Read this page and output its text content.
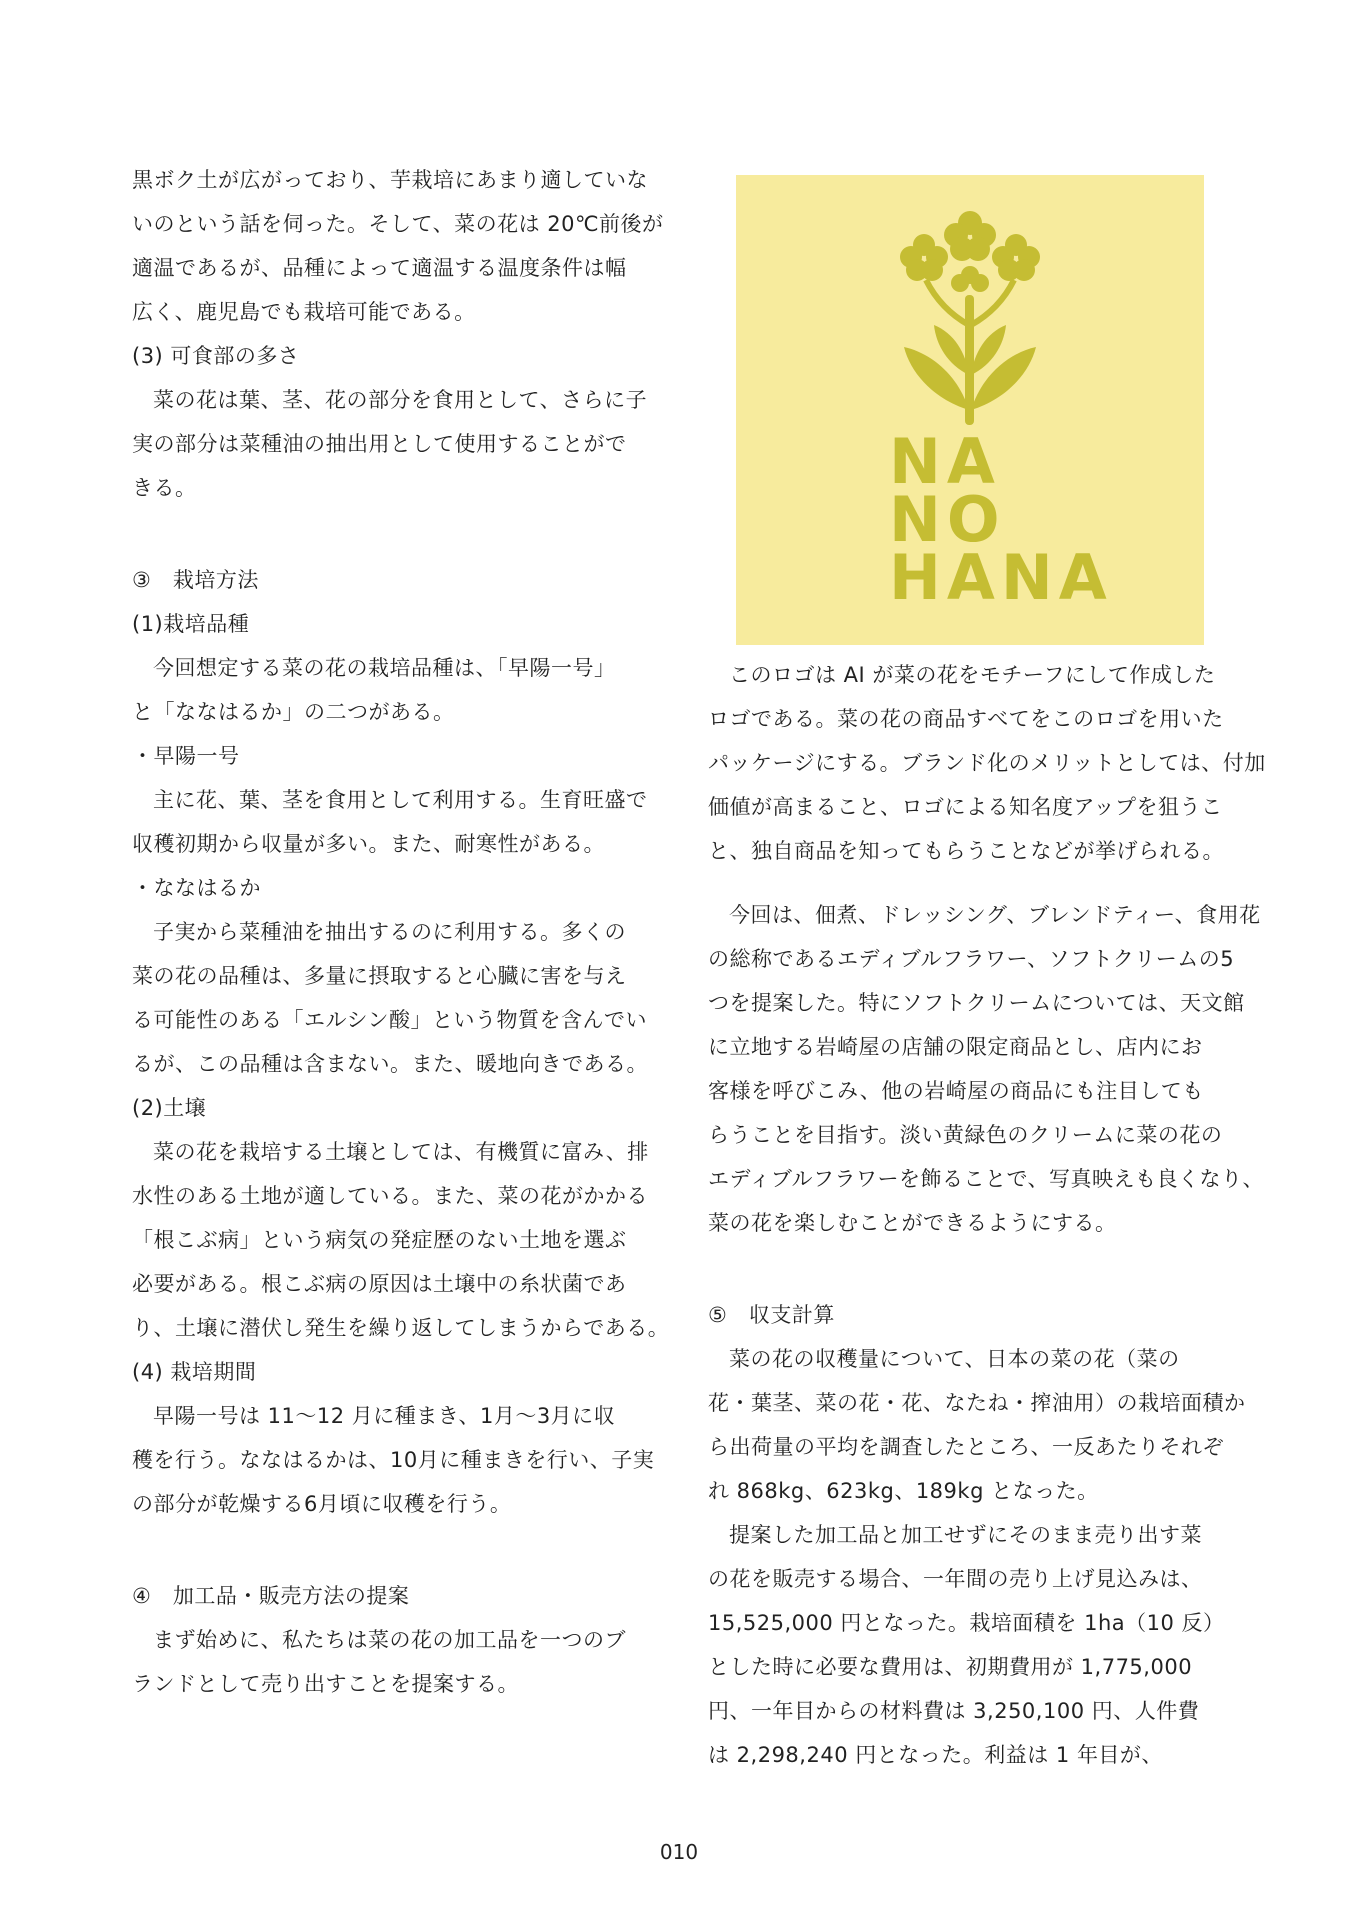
黒ボク土が広がっており、芋栽培にあまり適していな
いのという話を伺った。そして、菜の花は 20℃前後が
適温であるが、品種によって適温する温度条件は幅
広く、鹿児島でも栽培可能である。
(3) 可食部の多さ
菜の花は葉、茎、花の部分を食用として、さらに子
実の部分は菜種油の抽出用として使用することがで
きる。
③　栽培方法
(1)栽培品種
今回想定する菜の花の栽培品種は、「早陽一号」
と「ななはるか」の二つがある。
・早陽一号
主に花、葉、茎を食用として利用する。生育旺盛で
収穫初期から収量が多い。また、耐寒性がある。
・ななはるか
子実から菜種油を抽出するのに利用する。多くの
菜の花の品種は、多量に摂取すると心臓に害を与え
る可能性のある「エルシン酸」という物質を含んでい
るが、この品種は含まない。また、暖地向きである。
(2)土壌
菜の花を栽培する土壌としては、有機質に富み、排
水性のある土地が適している。また、菜の花がかかる
「根こぶ病」という病気の発症歴のない土地を選ぶ
必要がある。根こぶ病の原因は土壌中の糸状菌であ
り、土壌に潜伏し発生を繰り返してしまうからである。
(4) 栽培期間
早陽一号は 11～12 月に種まき、1月～3月に収
穫を行う。ななはるかは、10月に種まきを行い、子実
の部分が乾燥する6月頃に収穫を行う。
④　加工品・販売方法の提案
まず始めに、私たちは菜の花の加工品を一つのブ
ランドとして売り出すことを提案する。
NA
NO
HANA
このロゴは AI が菜の花をモチーフにして作成した
ロゴである。菜の花の商品すべてをこのロゴを用いた
パッケージにする。ブランド化のメリットとしては、付加
価値が高まること、ロゴによる知名度アップを狙うこ
と、独自商品を知ってもらうことなどが挙げられる。
今回は、佃煮、ドレッシング、ブレンドティー、食用花
の総称であるエディブルフラワー、ソフトクリームの5
つを提案した。特にソフトクリームについては、天文館
に立地する岩崎屋の店舗の限定商品とし、店内にお
客様を呼びこみ、他の岩崎屋の商品にも注目しても
らうことを目指す。淡い黄緑色のクリームに菜の花の
エディブルフラワーを飾ることで、写真映えも良くなり、
菜の花を楽しむことができるようにする。
⑤　収支計算
菜の花の収穫量について、日本の菜の花（菜の
花・葉茎、菜の花・花、なたね・搾油用）の栽培面積か
ら出荷量の平均を調査したところ、一反あたりそれぞ
れ 868kg、623kg、189kg となった。
提案した加工品と加工せずにそのまま売り出す菜
の花を販売する場合、一年間の売り上げ見込みは、
15,525,000 円となった。栽培面積を 1ha（10 反）
とした時に必要な費用は、初期費用が 1,775,000
円、一年目からの材料費は 3,250,100 円、人件費
は 2,298,240 円となった。利益は 1 年目が、
010
